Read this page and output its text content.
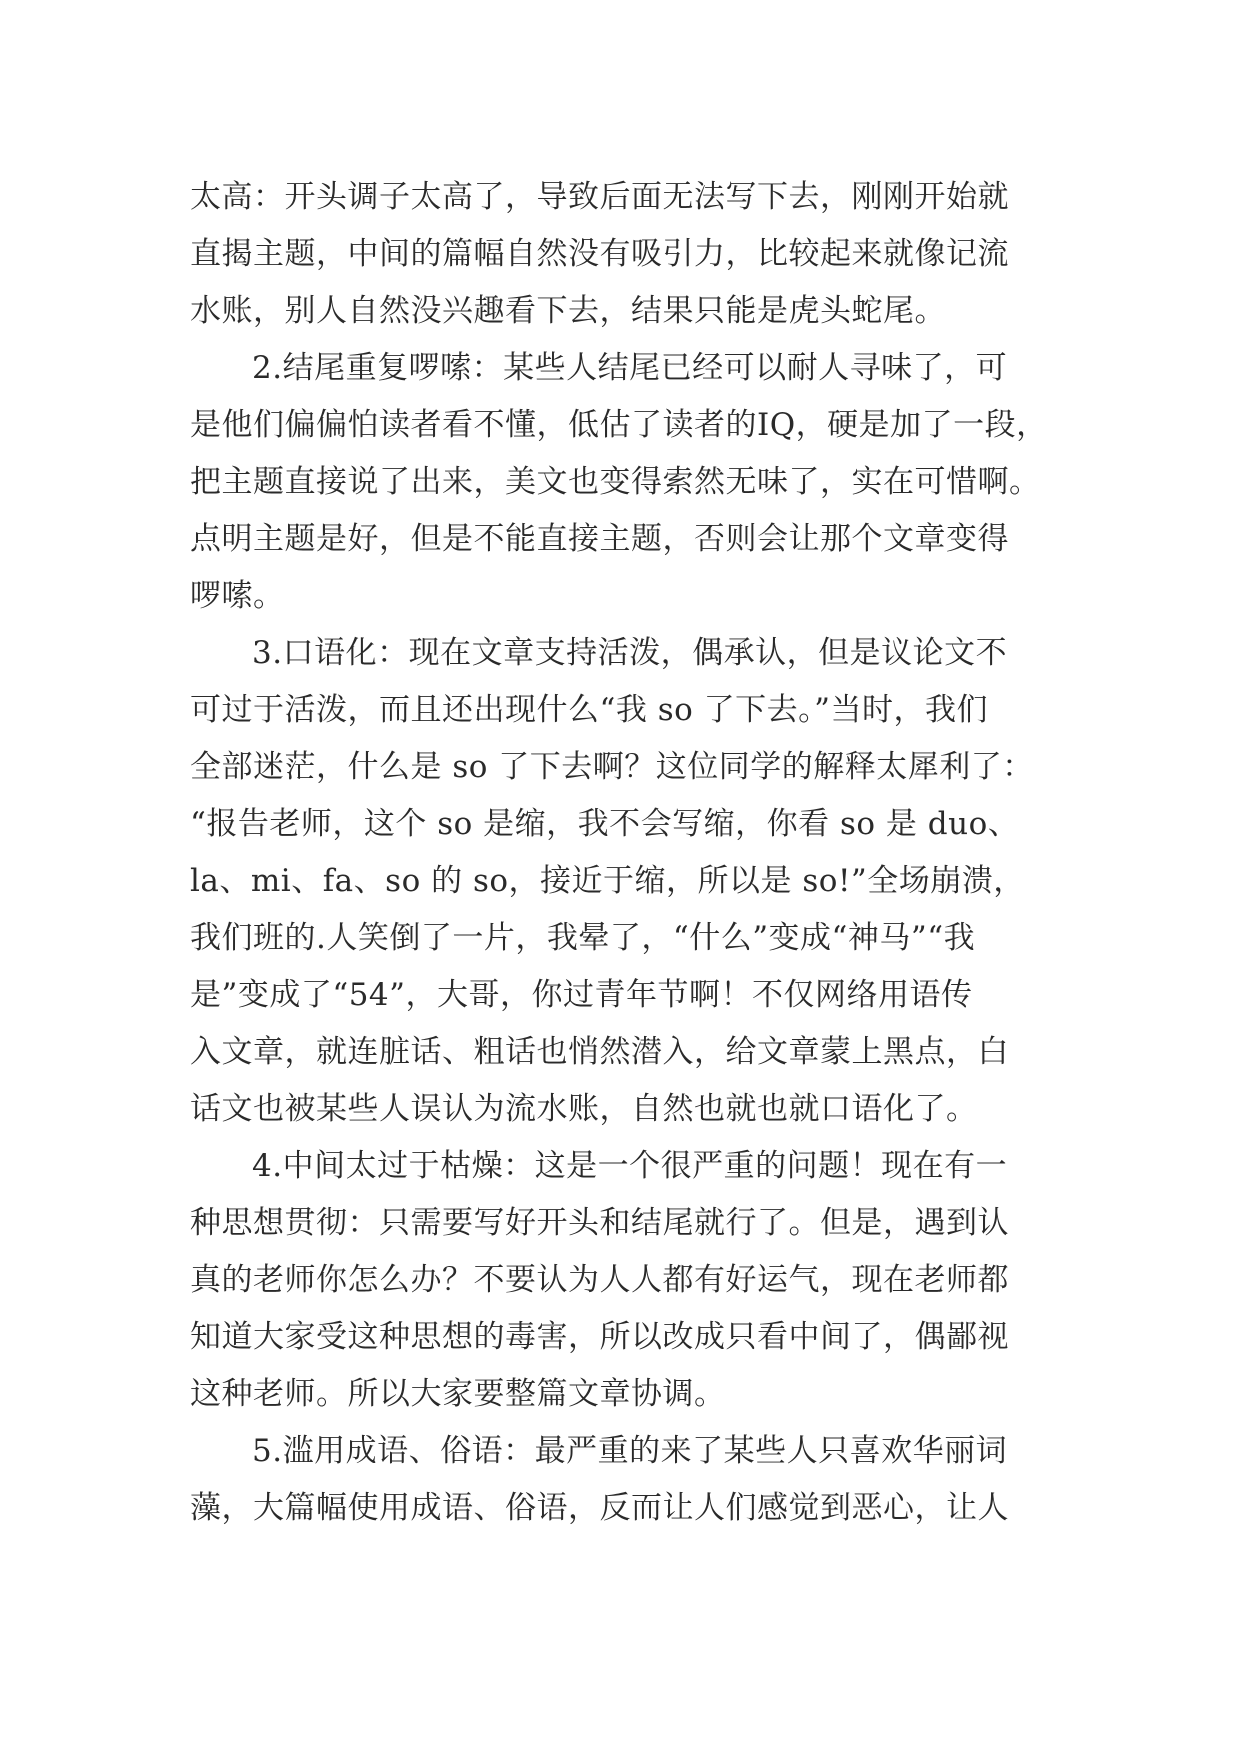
太高：开头调子太高了，导致后面无法写下去，刚刚开始就
直揭主题，中间的篇幅自然没有吸引力，比较起来就像记流
水账，别人自然没兴趣看下去，结果只能是虎头蛇尾。
2.结尾重复啰嗦：某些人结尾已经可以耐人寻味了，可
是他们偏偏怕读者看不懂，低估了读者的IQ，硬是加了一段，
把主题直接说了出来，美文也变得索然无味了，实在可惜啊。
点明主题是好，但是不能直接主题，否则会让那个文章变得
啰嗦。
3.口语化：现在文章支持活泼，偶承认，但是议论文不
可过于活泼，而且还出现什么“我 so 了下去。”当时，我们
全部迷茫，什么是 so 了下去啊？这位同学的解释太犀利了：
“报告老师，这个 so 是缩，我不会写缩，你看 so 是 duo、
la、mi、fa、so 的 so，接近于缩，所以是 so!”全场崩溃，
我们班的.人笑倒了一片，我晕了，“什么”变成“神马”“我
是”变成了“54”，大哥，你过青年节啊！不仅网络用语传
入文章，就连脏话、粗话也悄然潜入，给文章蒙上黑点，白
话文也被某些人误认为流水账，自然也就也就口语化了。
4.中间太过于枯燥：这是一个很严重的问题！现在有一
种思想贯彻：只需要写好开头和结尾就行了。但是，遇到认
真的老师你怎么办？不要认为人人都有好运气，现在老师都
知道大家受这种思想的毒害，所以改成只看中间了，偶鄙视
这种老师。所以大家要整篇文章协调。
5.滥用成语、俗语：最严重的来了某些人只喜欢华丽词
藻，大篇幅使用成语、俗语，反而让人们感觉到恶心，让人
